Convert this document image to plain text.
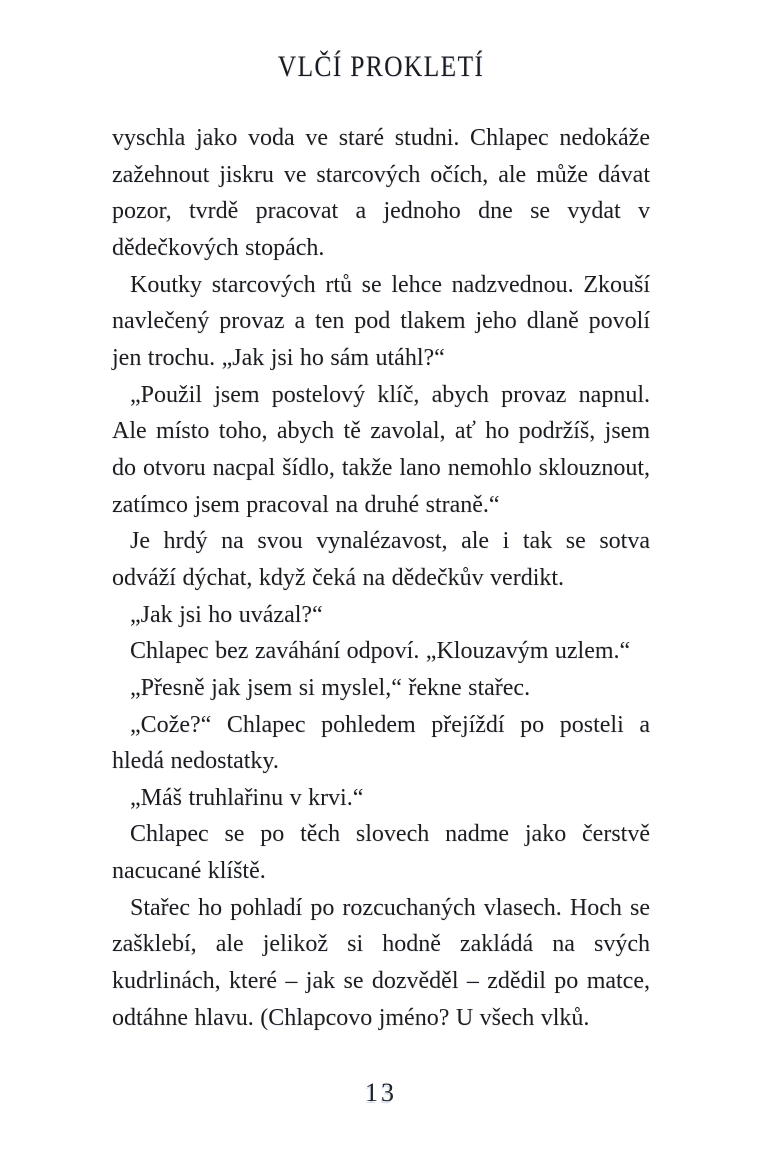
VLČÍ PROKLETÍ

vyschla jako voda ve staré studni. Chlapec nedokáže zažehnout jiskru ve starcových očích, ale může dávat pozor, tvrdě pracovat a jednoho dne se vydat v dědečkových stopách.

Koutky starcových rtů se lehce nadzvednou. Zkouší navlečený provaz a ten pod tlakem jeho dlaně povolí jen trochu. „Jak jsi ho sám utáhl?“

„Použil jsem postelový klíč, abych provaz napnul. Ale místo toho, abych tě zavolal, ať ho podržíš, jsem do otvoru nacpal šídlo, takže lano nemohlo sklouznout, zatímco jsem pracoval na druhé straně.“

Je hrdý na svou vynalézavost, ale i tak se sotva odváží dýchat, když čeká na dědečkův verdikt.

„Jak jsi ho uvázal?“

Chlapec bez zaváhání odpoví. „Klouzavým uzlem.“

„Přesně jak jsem si myslel,“ řekne stařec.

„Cože?“ Chlapec pohledem přejíždí po posteli a hledá nedostatky.

„Máš truhlařinu v krvi.“

Chlapec se po těch slovech nadme jako čerstvě nacucané klíště.

Stařec ho pohladí po rozcuchaných vlasech. Hoch se zašklebí, ale jelikož si hodně zakládá na svých kudrlinách, které – jak se dozvěděl – zdědil po matce, odtáhne hlavu. (Chlapcovo jméno? U všech vlků.

13
